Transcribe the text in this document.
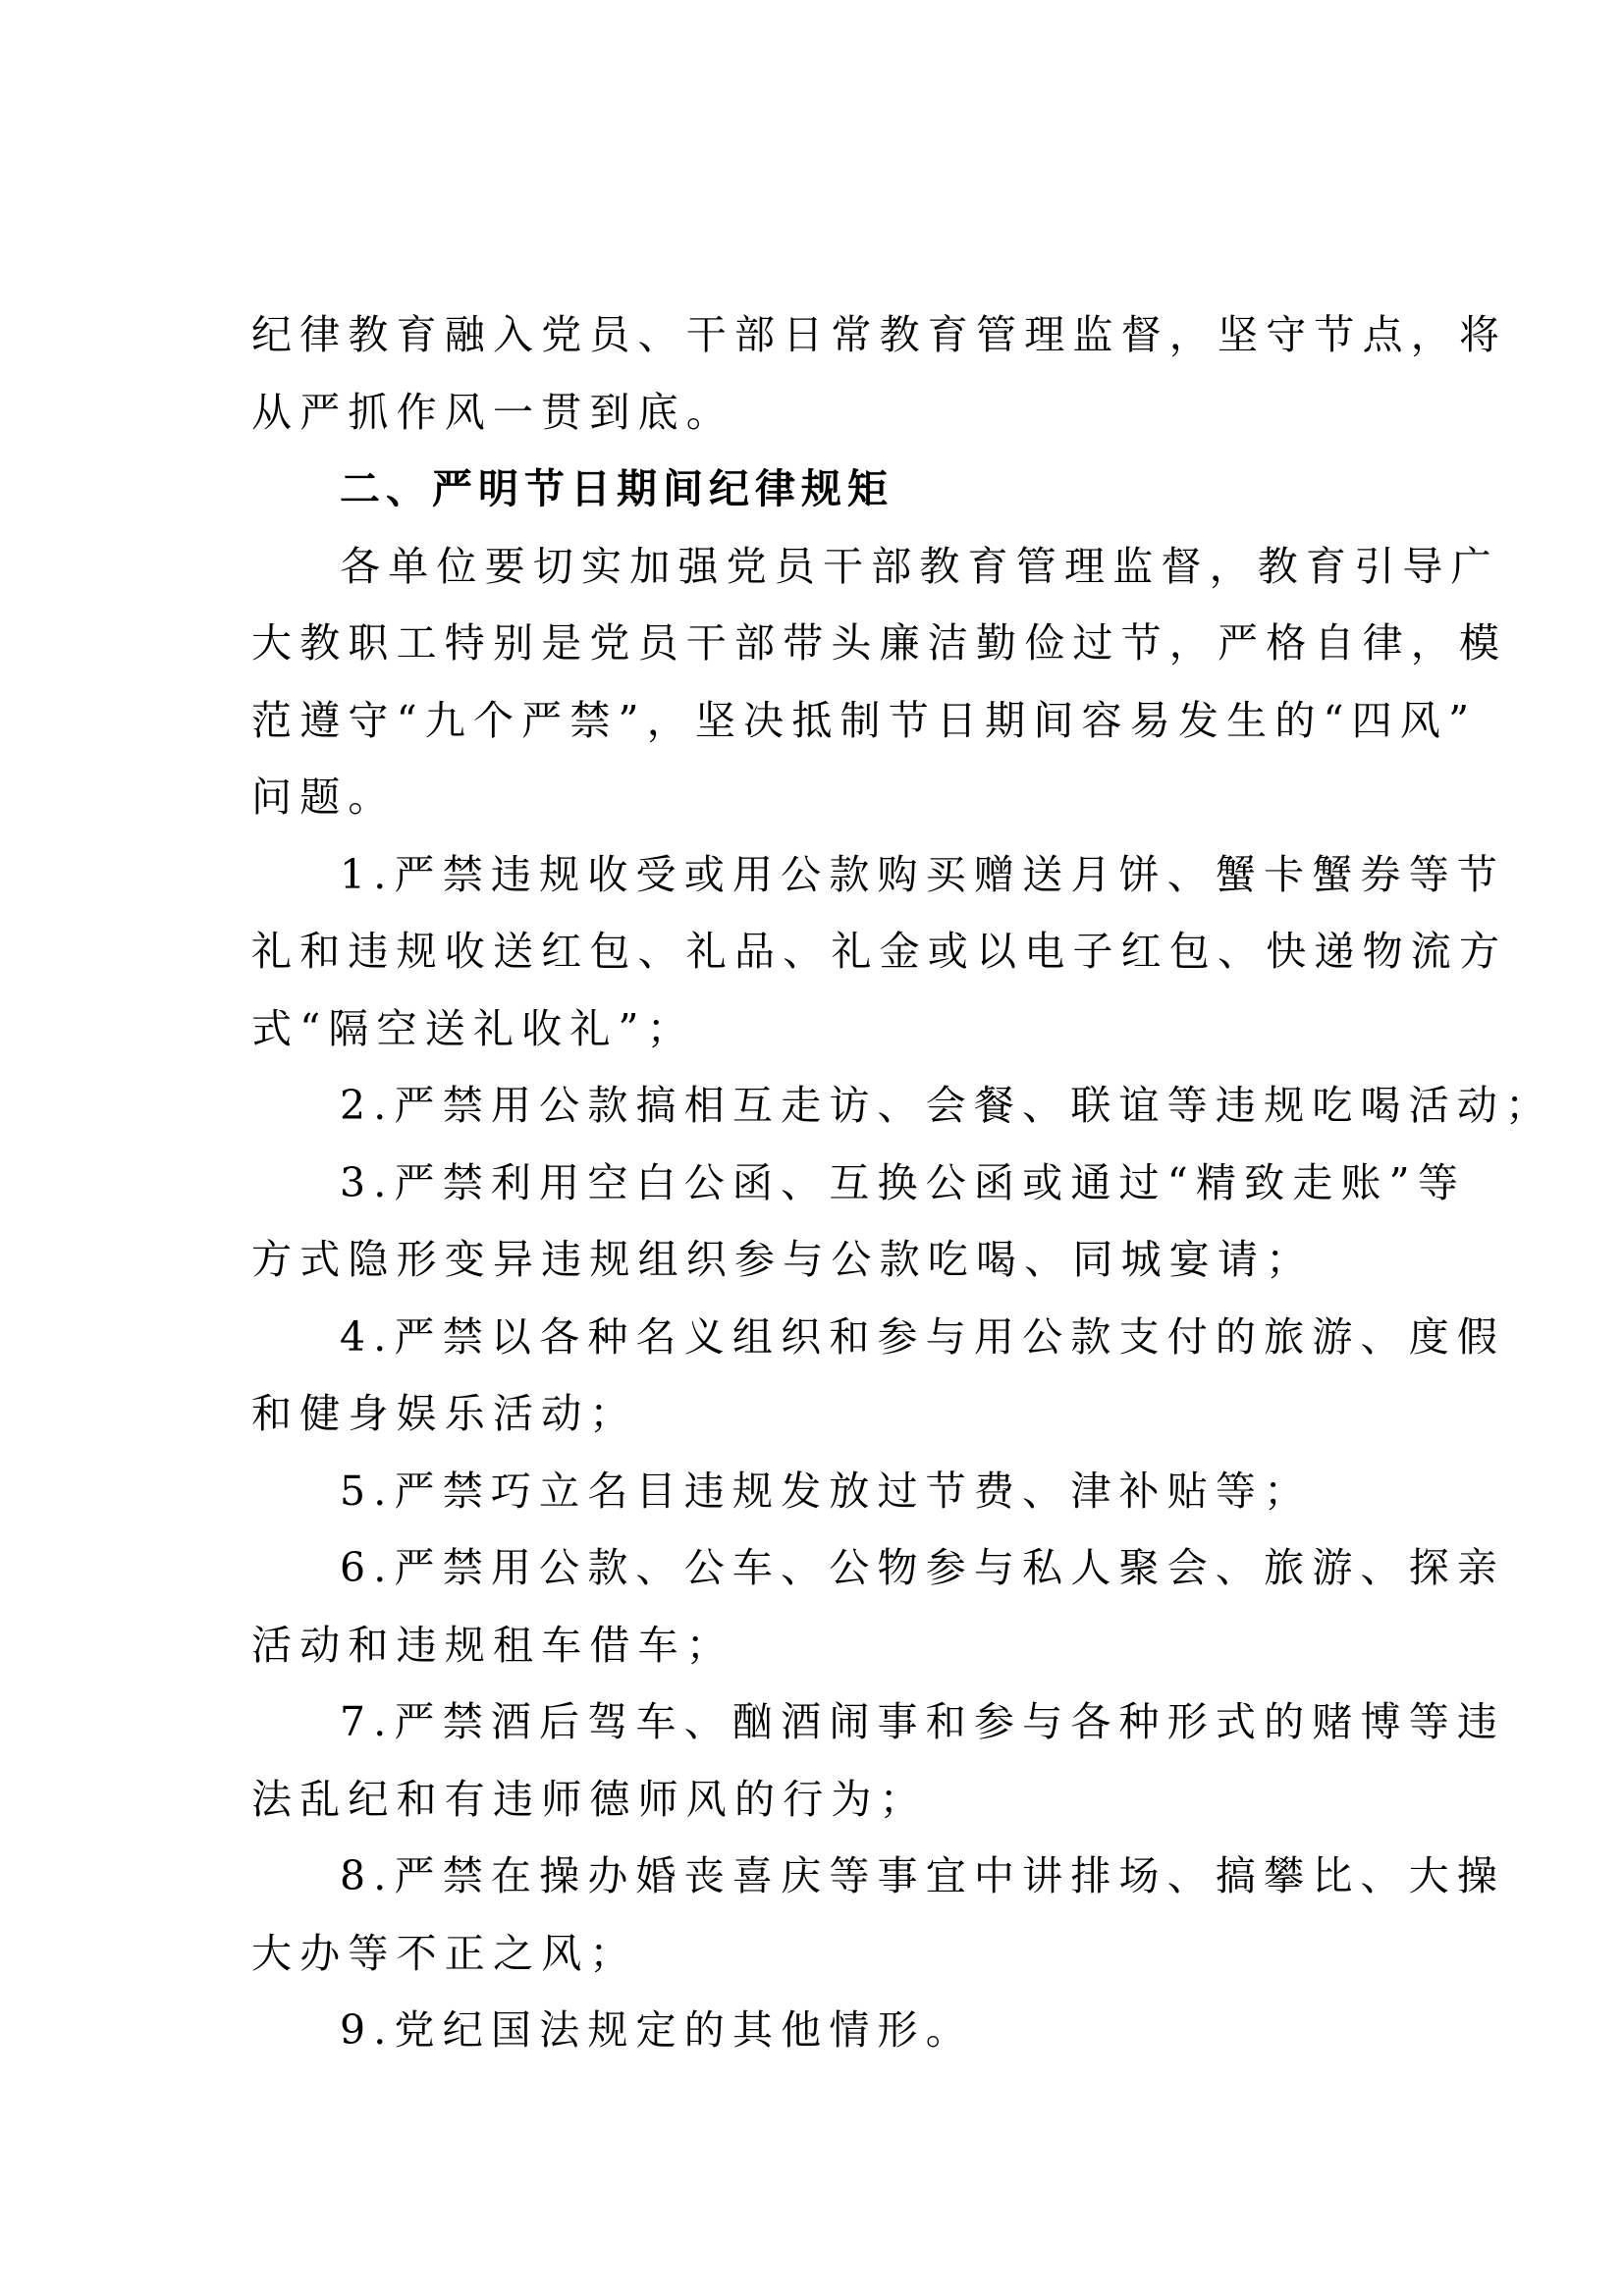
纪律教育融入党员、干部日常教育管理监督，坚守节点，将
从严抓作风一贯到底。
二、严明节日期间纪律规矩
各单位要切实加强党员干部教育管理监督，教育引导广
大教职工特别是党员干部带头廉洁勤俭过节，严格自律，模
范遵守“九个严禁”，坚决抵制节日期间容易发生的“四风”
问题。
1.严禁违规收受或用公款购买赠送月饼、蟹卡蟹券等节
礼和违规收送红包、礼品、礼金或以电子红包、快递物流方
式“隔空送礼收礼”；
2.严禁用公款搞相互走访、会餐、联谊等违规吃喝活动；
3.严禁利用空白公函、互换公函或通过“精致走账”等
方式隐形变异违规组织参与公款吃喝、同城宴请；
4.严禁以各种名义组织和参与用公款支付的旅游、度假
和健身娱乐活动；
5.严禁巧立名目违规发放过节费、津补贴等；
6.严禁用公款、公车、公物参与私人聚会、旅游、探亲
活动和违规租车借车；
7.严禁酒后驾车、酗酒闹事和参与各种形式的赌博等违
法乱纪和有违师德师风的行为；
8.严禁在操办婚丧喜庆等事宜中讲排场、搞攀比、大操
大办等不正之风；
9.党纪国法规定的其他情形。
